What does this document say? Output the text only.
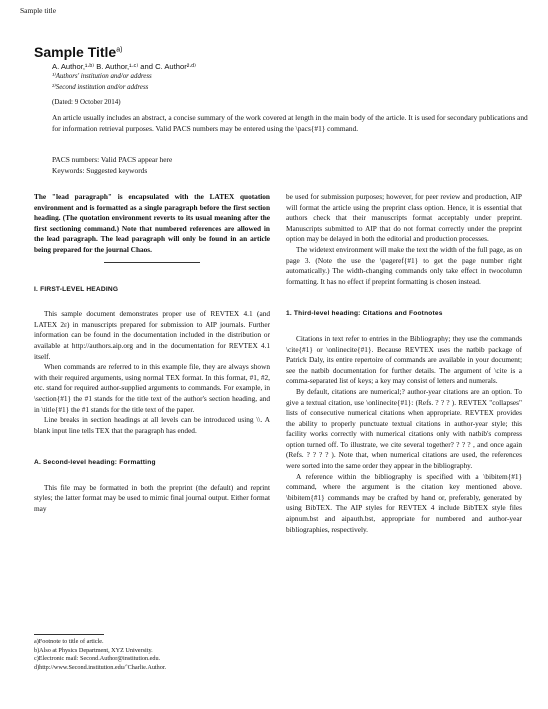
Sample title
Sample Title$^{a)}$
A. Author,¹ᐧᵇ⁾ B. Author,¹ᐧᶜ⁾ and C. Author²ᐧᵈ⁾
¹⁾Authors' institution and/or address
²⁾Second institution and/or address
(Dated: 9 October 2014)
An article usually includes an abstract, a concise summary of the work covered at length in the main body of the article. It is used for secondary publications and for information retrieval purposes. Valid PACS numbers may be entered using the \pacs{#1} command.
PACS numbers: Valid PACS appear here
Keywords: Suggested keywords

The "lead paragraph" is encapsulated with the LATEX quotation environment and is formatted as a single paragraph before the first section heading. (The quotation environment reverts to its usual meaning after the first sectioning command.) Note that numbered references are allowed in the lead paragraph. The lead paragraph will only be found in an article being prepared for the journal Chaos.

I. FIRST-LEVEL HEADING

This sample document demonstrates proper use of REVTEX 4.1 (and LATEX 2ε) in manuscripts prepared for submission to AIP journals. Further information can be found in the documentation included in the distribution or available at http://authors.aip.org and in the documentation for REVTEX 4.1 itself.

When commands are referred to in this example file, they are always shown with their required arguments, using normal TEX format. In this format, #1, #2, etc. stand for required author-supplied arguments to commands. For example, in \section{#1} the #1 stands for the title text of the author's section heading, and in \title{#1} the #1 stands for the title text of the paper.

Line breaks in section headings at all levels can be introduced using \\. A blank input line tells TEX that the paragraph has ended.

A. Second-level heading: Formatting

This file may be formatted in both the preprint (the default) and reprint styles; the latter format may be used to mimic final journal output. Either format may

be used for submission purposes; however, for peer review and production, AIP will format the article using the preprint class option. Hence, it is essential that authors check that their manuscripts format acceptably under preprint. Manuscripts submitted to AIP that do not format correctly under the preprint option may be delayed in both the editorial and production processes.

The widetext environment will make the text the width of the full page, as on page 3. (Note the use the \pageref{#1} to get the page number right automatically.) The width-changing commands only take effect in twocolumn formatting. It has no effect if preprint formatting is chosen instead.

1. Third-level heading: Citations and Footnotes

Citations in text refer to entries in the Bibliography; they use the commands \cite{#1} or \onlinecite{#1}. Because REVTEX uses the natbib package of Patrick Daly, its entire repertoire of commands are available in your document; see the natbib documentation for further details. The argument of \cite is a comma-separated list of keys; a key may consist of letters and numerals.

By default, citations are numerical;? author-year citations are an option. To give a textual citation, use \onlinecite{#1}: (Refs. ? ? ? ). REVTEX "collapses" lists of consecutive numerical citations when appropriate. REVTEX provides the ability to properly punctuate textual citations in author-year style; this facility works correctly with numerical citations only with natbib's compress option turned off. To illustrate, we cite several together? ? ? ? , and once again (Refs. ? ? ? ? ). Note that, when numerical citations are used, the references were sorted into the same order they appear in the bibliography.

A reference within the bibliography is specified with a \bibitem{#1} command, where the argument is the citation key mentioned above. \bibitem{#1} commands may be crafted by hand or, preferably, generated by using BibTEX. The AIP styles for REVTEX 4 include BibTEX style files aipnum.bst and aipauth.bst, appropriate for numbered and author-year bibliographies, respectively.

a)Footnote to title of article.
b)Also at Physics Department, XYZ University.
c)Electronic mail: Second.Author@institution.edu.
d)http://www.Second.institution.edu/˜Charlie.Author.
